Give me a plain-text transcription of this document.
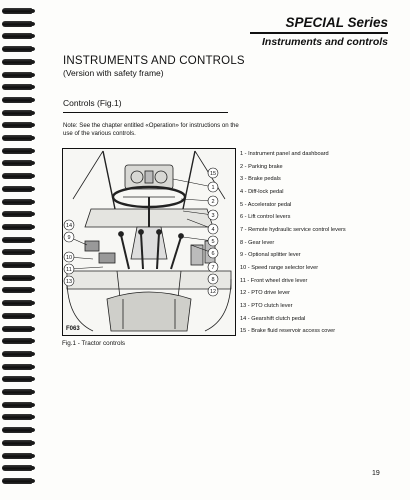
SPECIAL Series
Instruments and controls
INSTRUMENTS AND CONTROLS
(Version with safety frame)
Controls (Fig.1)
Note: See the chapter entitled «Operation» for instructions on the use of the various controls.
1
2
3
4
5
6
7
8
9
10
11
12
13
14
15
F063
Fig.1 - Tractor controls
1 - Instrument panel and dashboard
2 - Parking brake
3 - Brake pedals
4 - Diff-lock pedal
5 - Accelerator pedal
6 - Lift control levers
7 - Remote hydraulic service control levers
8 - Gear lever
9 - Optional splitter lever
10 - Speed range selector lever
11 - Front wheel drive lever
12 - PTO drive lever
13 - PTO clutch lever
14 - Gearshift clutch pedal
15 - Brake fluid reservoir access cover
19
